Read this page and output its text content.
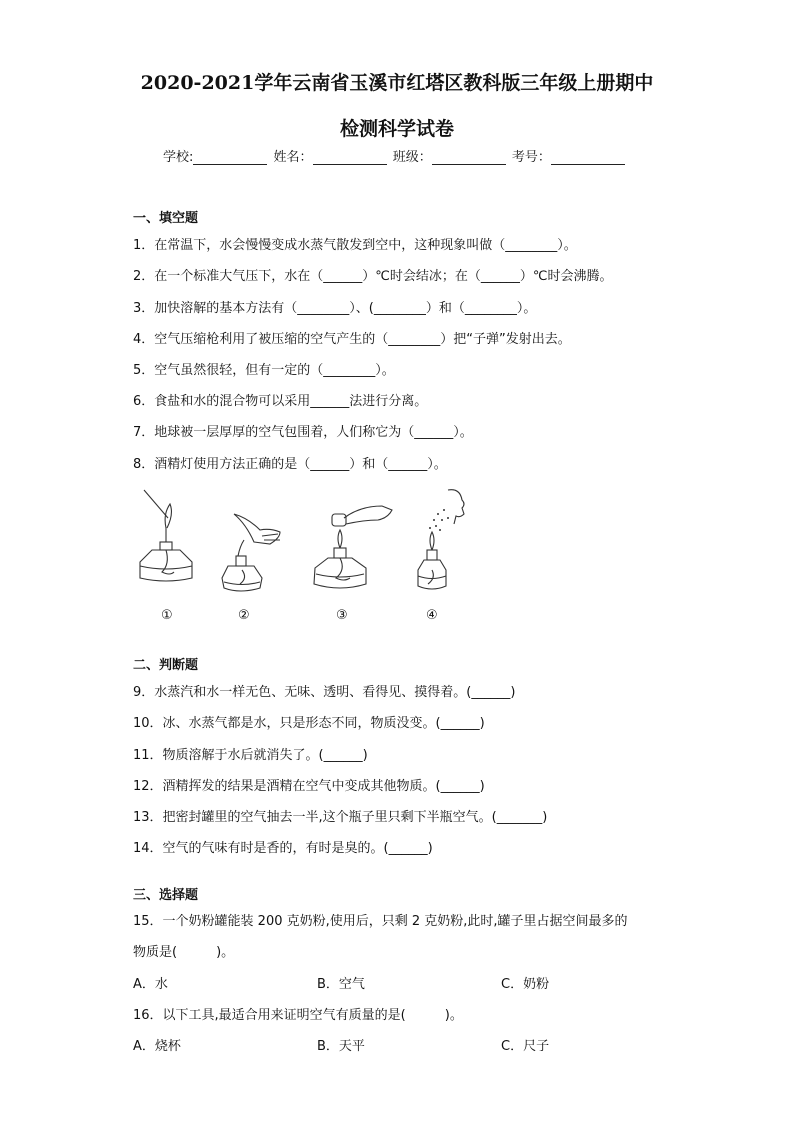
2020-2021学年云南省玉溪市红塔区教科版三年级上册期中
检测科学试卷
学校:	姓名：	班级：	考号：
一、填空题
1．在常温下，水会慢慢变成水蒸气散发到空中，这种现象叫做（________）。
2．在一个标准大气压下，水在（______）℃时会结冰；在（______）℃时会沸腾。
3．加快溶解的基本方法有（________）、(________）和（________）。
4．空气压缩枪利用了被压缩的空气产生的（________）把“子弹”发射出去。
5．空气虽然很轻，但有一定的（________）。
6．食盐和水的混合物可以采用______法进行分离。
7．地球被一层厚厚的空气包围着，人们称它为（______）。
8．酒精灯使用方法正确的是（______）和（______）。
①	②	③	④
二、判断题
9．水蒸汽和水一样无色、无味、透明、看得见、摸得着。(______)
10．冰、水蒸气都是水，只是形态不同，物质没变。(______)
11．物质溶解于水后就消失了。(______)
12．酒精挥发的结果是酒精在空气中变成其他物质。(______)
13．把密封罐里的空气抽去一半,这个瓶子里只剩下半瓶空气。(_______)
14．空气的气味有时是香的，有时是臭的。(______)
三、选择题
15．一个奶粉罐能装 200 克奶粉,使用后，只剩 2 克奶粉,此时,罐子里占据空间最多的
物质是(　　　)。
A．水	B．空气	C．奶粉
16．以下工具,最适合用来证明空气有质量的是(　　　)。
A．烧杯	B．天平	C．尺子
